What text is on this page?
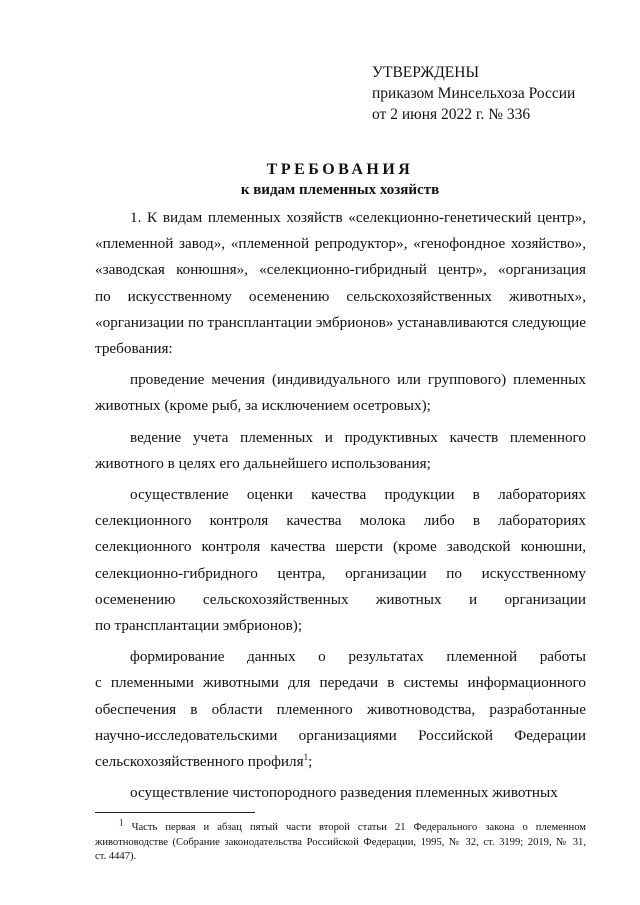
УТВЕРЖДЕНЫ
приказом Минсельхоза России
от 2 июня 2022 г. № 336
ТРЕБОВАНИЯ
к видам племенных хозяйств
1. К видам племенных хозяйств «селекционно-генетический центр»,
«племенной завод», «племенной репродуктор», «генофондное хозяйство»,
«заводская конюшня», «селекционно-гибридный центр», «организация
по искусственному осеменению сельскохозяйственных животных»,
«организации по трансплантации эмбрионов» устанавливаются следующие
требования:
проведение мечения (индивидуального или группового) племенных
животных (кроме рыб, за исключением осетровых);
ведение учета племенных и продуктивных качеств племенного
животного в целях его дальнейшего использования;
осуществление оценки качества продукции в лабораториях
селекционного контроля качества молока либо в лабораториях
селекционного контроля качества шерсти (кроме заводской конюшни,
селекционно-гибридного центра, организации по искусственному
осеменению сельскохозяйственных животных и организации
по трансплантации эмбрионов);
формирование данных о результатах племенной работы
с племенными животными для передачи в системы информационного
обеспечения в области племенного животноводства, разработанные
научно-исследовательскими организациями Российской Федерации
сельскохозяйственного профиля$^1$;
осуществление чистопородного разведения племенных животных
$^1$ Часть первая и абзац пятый части второй статьи 21 Федерального закона о племенном
животноводстве (Собрание законодательства Российской Федерации, 1995, № 32, ст. 3199; 2019, № 31,
ст. 4447).
